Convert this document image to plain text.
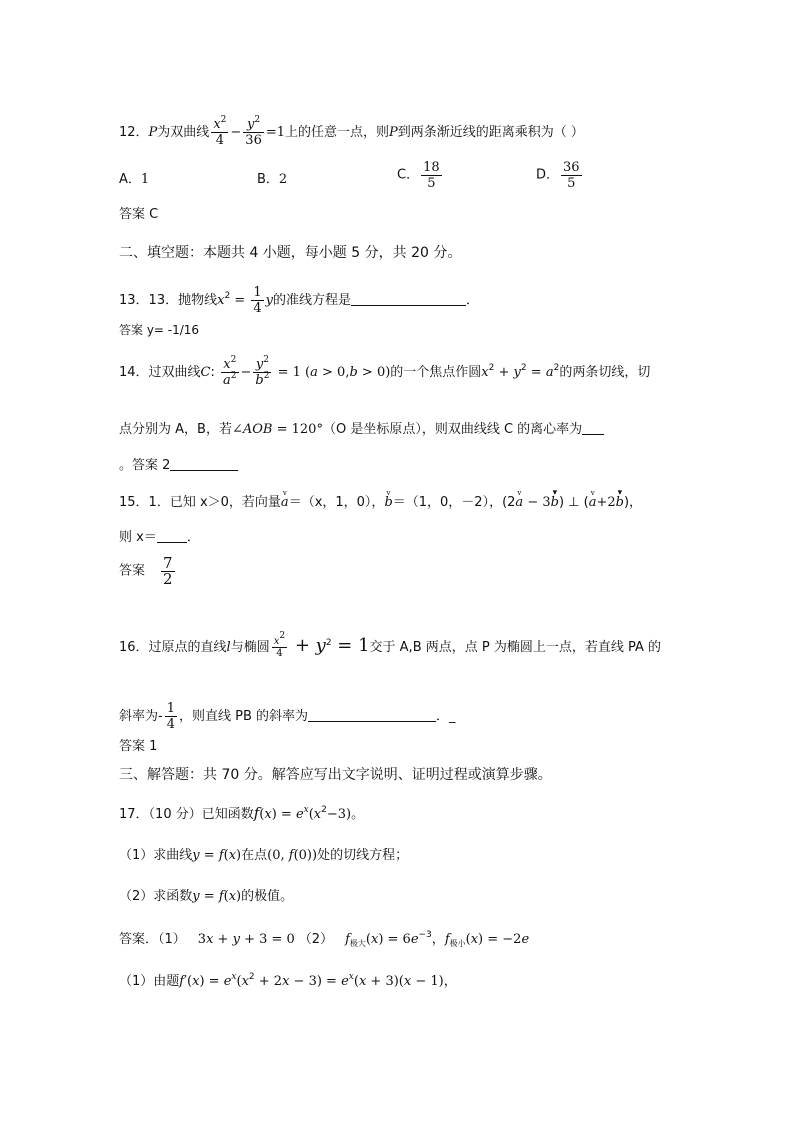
12．P为双曲线 $\frac{x^2}{4} - \frac{y^2}{36} =1$上的任意一点，则P到两条渐近线的距离乘积为（ ）
A．1	B．2	C． $\frac{18}{5}$	D． $\frac{36}{5}$
答案 C
二、填空题：本题共 4 小题，每小题 5 分，共 20 分。
13．13．抛物线$x^2 = \frac{1}{4}$ y的准线方程是	．
答案 y= -1/16
14．过双曲线C: $\frac{x^2}{a^2} - \frac{y^2}{b^2} = 1$ (a > 0,b > 0)的一个焦点作圆$x^2 + y^2 = a^2$的两条切线，切
点分别为 A，B，若∠AOB = 120°（O 是坐标原点），则双曲线线 C 的离心率为
。答案 2
15．1．已知 x＞0，若向量v a＝（x，1，0），v b＝（1，0，－2），(2v a − 3▾ b) ⊥ (v a+2▾ b)，
则 x＝ ．
答案 $\frac{7}{2}$
16．过原点的直线l与椭圆 $\frac{x^2}{4} + y^2 = 1$交于 A,B 两点，点 P 为椭圆上一点，若直线 PA 的
斜率为- $\frac{1}{4}$ ，则直线 PB 的斜率为	．_
答案 1
三、解答题：共 70 分。解答应写出文字说明、证明过程或演算步骤。
17．（10 分）已知函数$f(x) = e^x(x^2-3)$。
（1）求曲线y = f(x)在点(0, f(0))处的切线方程；
（2）求函数y = f(x)的极值。
答案．（1） 3x + y + 3 = 0 （2） $f_{极大}(x) = 6e^{-3}$，$f_{极小}(x) = -2e$
（1）由题$f'(x) = e^x(x^2 + 2x - 3) = e^x(x + 3)(x - 1)$，
